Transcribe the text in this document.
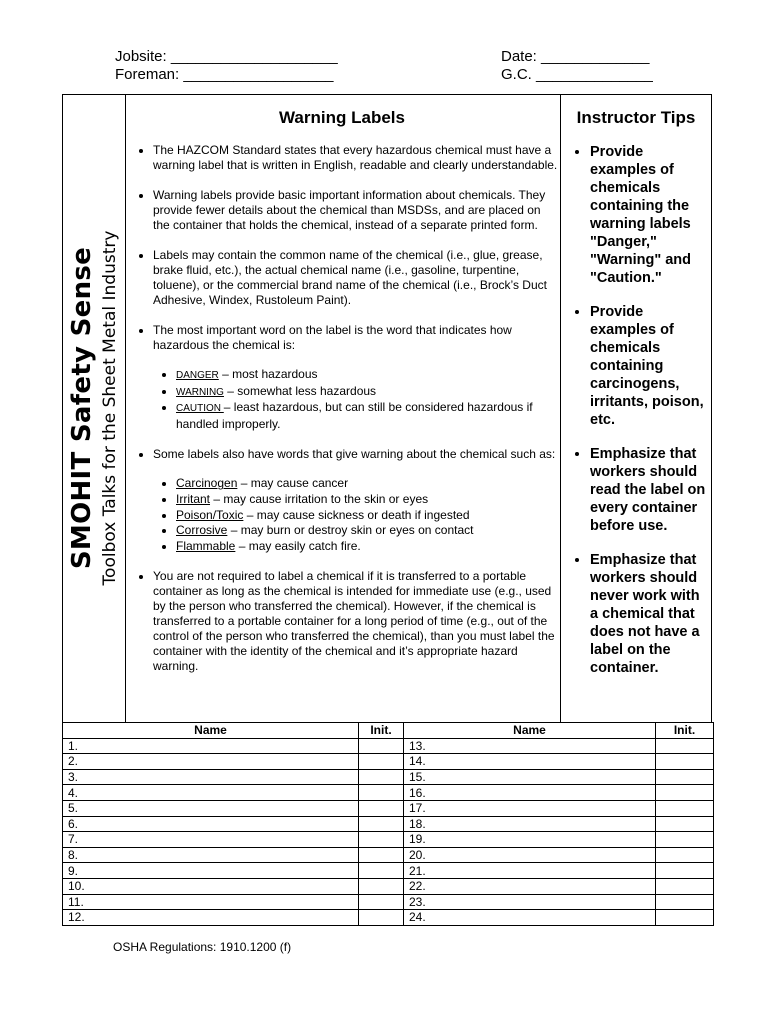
Jobsite: ____________________
Foreman: __________________
Date: _____________
G.C. ______________
SMOHIT Safety Sense Toolbox Talks for the Sheet Metal Industry
Warning Labels
• The HAZCOM Standard states that every hazardous chemical must have a warning label that is written in English, readable and clearly understandable.
• Warning labels provide basic important information about chemicals. They provide fewer details about the chemical than MSDSs, and are placed on the container that holds the chemical, instead of a separate printed form.
• Labels may contain the common name of the chemical (i.e., glue, grease, brake fluid, etc.), the actual chemical name (i.e., gasoline, turpentine, toluene), or the commercial brand name of the chemical (i.e., Brock’s Duct Adhesive, Windex, Rustoleum Paint).
• The most important word on the label is the word that indicates how hazardous the chemical is:
• DANGER – most hazardous
• WARNING – somewhat less hazardous
• CAUTION – least hazardous, but can still be considered hazardous if handled improperly.
• Some labels also have words that give warning about the chemical such as:
• Carcinogen – may cause cancer
• Irritant – may cause irritation to the skin or eyes
• Poison/Toxic – may cause sickness or death if ingested
• Corrosive – may burn or destroy skin or eyes on contact
• Flammable – may easily catch fire.
• You are not required to label a chemical if it is transferred to a portable container as long as the chemical is intended for immediate use (e.g., used by the person who transferred the chemical). However, if the chemical is transferred to a portable container for a long period of time (e.g., out of the control of the person who transferred the chemical), than you must label the container with the identity of the chemical and it’s appropriate hazard warning.
Instructor Tips
• Provide examples of chemicals containing the warning labels "Danger," "Warning" and "Caution."
• Provide examples of chemicals containing carcinogens, irritants, poison, etc.
• Emphasize that workers should read the label on every container before use.
• Emphasize that workers should never work with a chemical that does not have a label on the container.
Name	Init.	Name	Init.
1.		13.	
2.		14.	
3.		15.	
4.		16.	
5.		17.	
6.		18.	
7.		19.	
8.		20.	
9.		21.	
10.		22.	
11.		23.	
12.		24.	
OSHA Regulations: 1910.1200 (f)
